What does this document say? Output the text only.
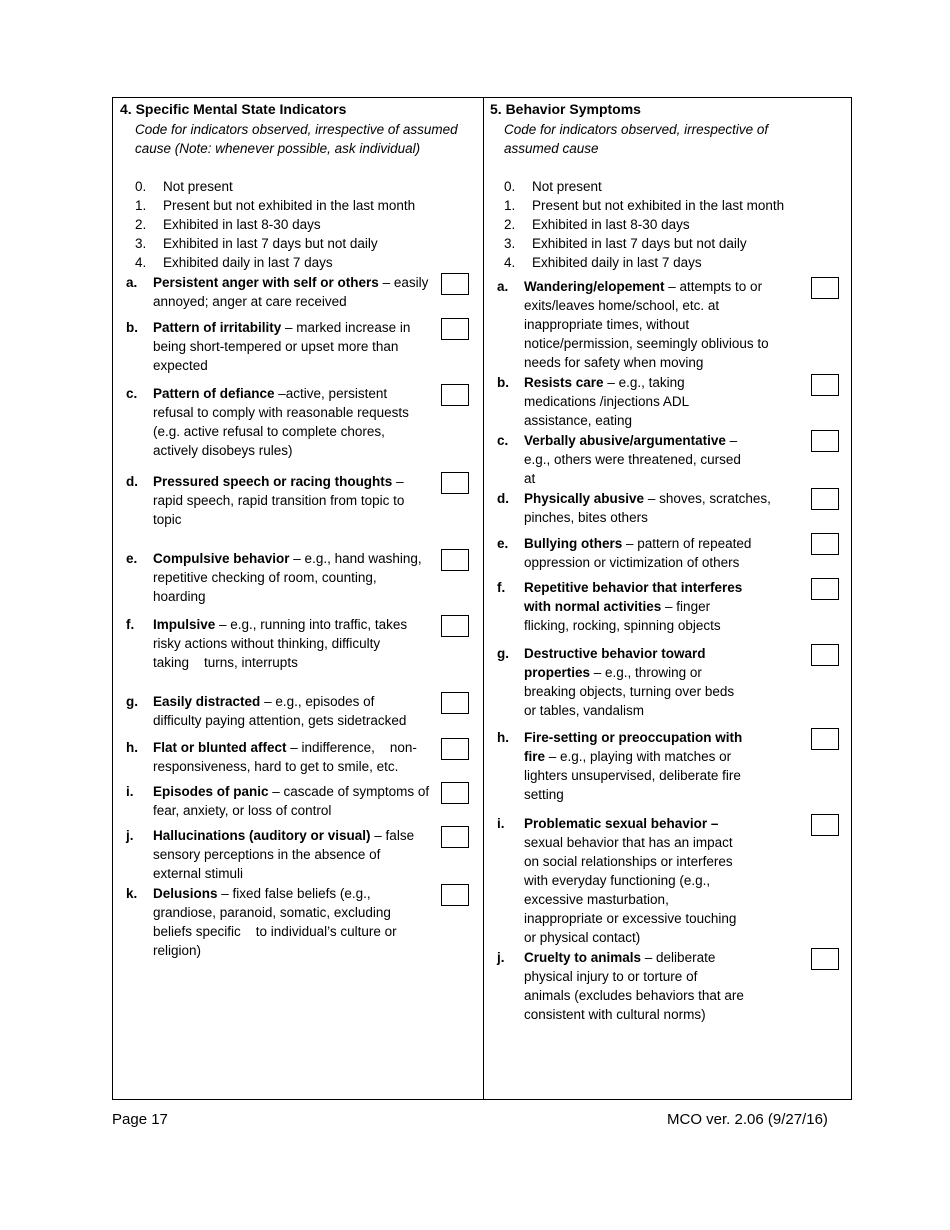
4. Specific Mental State Indicators
Code for indicators observed, irrespective of assumed
cause (Note: whenever possible, ask individual)
0. Not present
1. Present but not exhibited in the last month
2. Exhibited in last 8-30 days
3. Exhibited in last 7 days but not daily
4. Exhibited daily in last 7 days
a. Persistent anger with self or others – easily
annoyed; anger at care received
b. Pattern of irritability – marked increase in
being short-tempered or upset more than
expected
c. Pattern of defiance –active, persistent
refusal to comply with reasonable requests
(e.g. active refusal to complete chores,
actively disobeys rules)
d. Pressured speech or racing thoughts –
rapid speech, rapid transition from topic to
topic
e. Compulsive behavior – e.g., hand washing,
repetitive checking of room, counting,
hoarding
f. Impulsive – e.g., running into traffic, takes
risky actions without thinking, difficulty
taking    turns, interrupts
g. Easily distracted – e.g., episodes of
difficulty paying attention, gets sidetracked
h. Flat or blunted affect – indifference,    non-
responsiveness, hard to get to smile, etc.
i. Episodes of panic – cascade of symptoms of
fear, anxiety, or loss of control
j. Hallucinations (auditory or visual) – false
sensory perceptions in the absence of
external stimuli
k. Delusions – fixed false beliefs (e.g.,
grandiose, paranoid, somatic, excluding
beliefs specific    to individual’s culture or
religion)
5. Behavior Symptoms
Code for indicators observed, irrespective of
assumed cause
0. Not present
1. Present but not exhibited in the last month
2. Exhibited in last 8-30 days
3. Exhibited in last 7 days but not daily
4. Exhibited daily in last 7 days
a. Wandering/elopement – attempts to or
exits/leaves home/school, etc. at
inappropriate times, without
notice/permission, seemingly oblivious to
needs for safety when moving
b. Resists care – e.g., taking
medications /injections ADL
assistance, eating
c. Verbally abusive/argumentative –
e.g., others were threatened, cursed
at
d. Physically abusive – shoves, scratches,
pinches, bites others
e. Bullying others – pattern of repeated
oppression or victimization of others
f. Repetitive behavior that interferes
with normal activities – finger
flicking, rocking, spinning objects
g. Destructive behavior toward
properties – e.g., throwing or
breaking objects, turning over beds
or tables, vandalism
h. Fire-setting or preoccupation with
fire – e.g., playing with matches or
lighters unsupervised, deliberate fire
setting
i. Problematic sexual behavior –
sexual behavior that has an impact
on social relationships or interferes
with everyday functioning (e.g.,
excessive masturbation,
inappropriate or excessive touching
or physical contact)
j. Cruelty to animals – deliberate
physical injury to or torture of
animals (excludes behaviors that are
consistent with cultural norms)
Page 17	MCO ver. 2.06 (9/27/16)
